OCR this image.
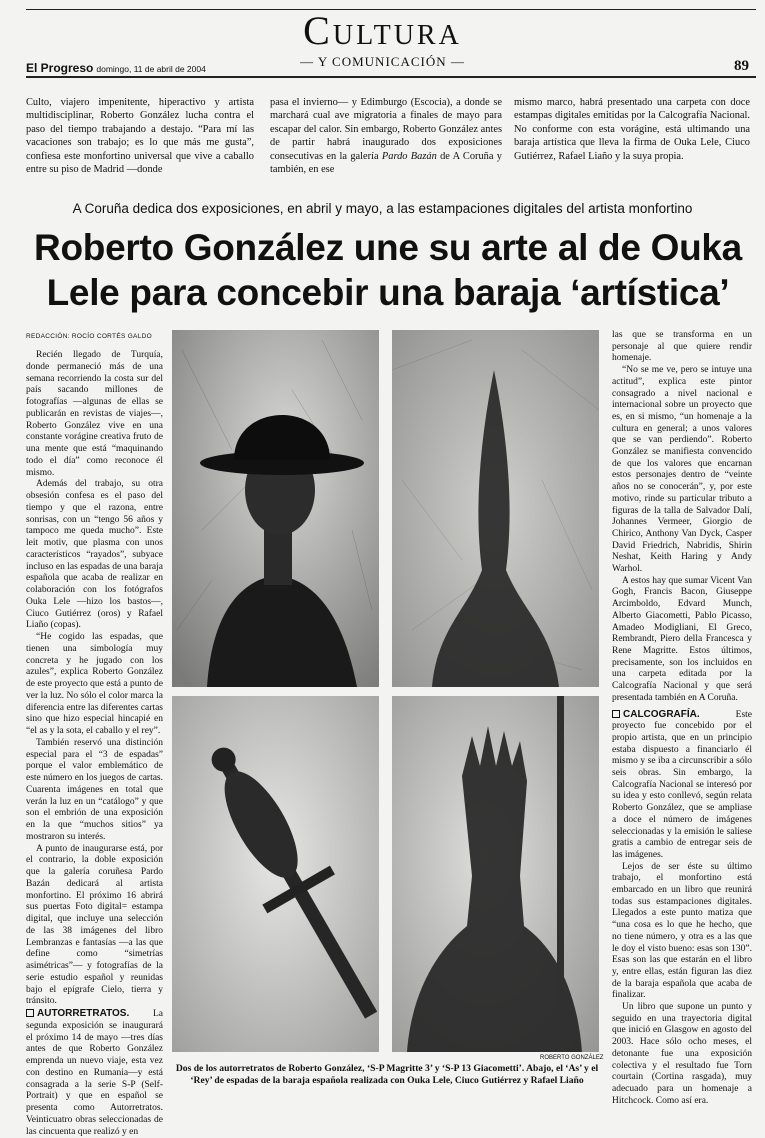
Cultura
— Y COMUNICACIÓN —
El Progreso domingo, 11 de abril de 2004	89

Culto, viajero impenitente, hiperactivo y artista multidisciplinar, Roberto González lucha contra el paso del tiempo trabajando a destajo. “Para mí las vacaciones son trabajo; es lo que más me gusta”, confiesa este monfortino universal que vive a caballo entre su piso de Madrid —donde

pasa el invierno— y Edimburgo (Escocia), a donde se marchará cual ave migratoria a finales de mayo para escapar del calor. Sin embargo, Roberto González antes de partir habrá inaugurado dos exposiciones consecutivas en la galería Pardo Bazán de A Coruña y también, en ese

mismo marco, habrá presentado una carpeta con doce estampas digitales emitidas por la Calcografía Nacional. No conforme con esta vorágine, está ultimando una baraja artística que lleva la firma de Ouka Lele, Ciuco Gutiérrez, Rafael Liaño y la suya propia.

A Coruña dedica dos exposiciones, en abril y mayo, a las estampaciones digitales del artista monfortino
Roberto González une su arte al de Ouka
Lele para concebir una baraja ‘artística’
REDACCIÓN: ROCÍO CORTÉS GALDO

Recién llegado de Turquía, donde permaneció más de una semana recorriendo la costa sur del país sacando millones de fotografías —algunas de ellas se publicarán en revistas de viajes—, Roberto González vive en una constante vorágine creativa fruto de una mente que está “maquinando todo el día” como reconoce él mismo.

Además del trabajo, su otra obsesión confesa es el paso del tiempo y que el razona, entre sonrisas, con un “tengo 56 años y tampoco me queda mucho”. Este leit motiv, que plasma con unos característicos “rayados”, subyace incluso en las espadas de una baraja española que acaba de realizar en colaboración con los fotógrafos Ouka Lele —hizo los bastos—, Ciuco Gutiérrez (oros) y Rafael Liaño (copas).

“He cogido las espadas, que tienen una simbología muy concreta y he jugado con los azules”, explica Roberto González de este proyecto que está a punto de ver la luz. No sólo el color marca la diferencia entre las diferentes cartas sino que hizo especial hincapié en “el as y la sota, el caballo y el rey”.

También reservó una distinción especial para el “3 de espadas” porque el valor emblemático de este número en los juegos de cartas. Cuarenta imágenes en total que verán la luz en un “catálogo” y que son el embrión de una exposición en la que “muchos sitios” ya mostraron su interés.

A punto de inaugurarse está, por el contrario, la doble exposición que la galería coruñesa Pardo Bazán dedicará al artista monfortino. El próximo 16 abrirá sus puertas Foto digital= estampa digital, que incluye una selección de las 38 imágenes del libro Lembranzas e fantasías —a las que define como “simetrías asimétricas”— y fotografías de la serie estudio español y reunidas bajo el epígrafe Cielo, tierra y tránsito.

AUTORRETRATOS. La segunda exposición se inaugurará el próximo 14 de mayo —tres días antes de que Roberto González emprenda un nuevo viaje, esta vez con destino en Rumania—y está consagrada a la serie S-P (Self-Portrait) y que en español se presenta como Autorretratos. Veinticuatro obras seleccionadas de las cincuenta que realizó y en

las que se transforma en un personaje al que quiere rendir homenaje.

“No se me ve, pero se intuye una actitud”, explica este pintor consagrado a nivel nacional e internacional sobre un proyecto que es, en si mismo, “un homenaje a la cultura en general; a unos valores que se van perdiendo”. Roberto González se manifiesta convencido de que los valores que encarnan estos personajes dentro de “veinte años no se conocerán”, y, por este motivo, rinde su particular tributo a figuras de la talla de Salvador Dalí, Johannes Vermeer, Giorgio de Chirico, Anthony Van Dyck, Casper David Friedrich, Nabridis, Shirin Neshat, Keith Haring y Andy Warhol.

A estos hay que sumar Vicent Van Gogh, Francis Bacon, Giuseppe Arcimboldo, Edvard Munch, Alberto Giacometti, Pablo Picasso, Amadeo Modigliani, El Greco, Rembrandt, Piero della Francesca y Rene Magritte. Estos últimos, precisamente, son los incluidos en una carpeta editada por la Calcografía Nacional y que será presentada también en A Coruña.

CALCOGRAFÍA. Este proyecto fue concebido por el propio artista, que en un principio estaba dispuesto a financiarlo él mismo y se iba a circunscribir a sólo seis obras. Sin embargo, la Calcografía Nacional se interesó por su idea y esto conllevó, según relata Roberto González, que se ampliase a doce el número de imágenes seleccionadas y la emisión le saliese gratis a cambio de entregar seis de las imágenes.

Lejos de ser éste su último trabajo, el monfortino está embarcado en un libro que reunirá todas sus estampaciones digitales. Llegados a este punto matiza que “una cosa es lo que he hecho, que no tiene número, y otra es a las que le doy el visto bueno: esas son 130”. Esas son las que estarán en el libro y, entre ellas, están figuran las diez de la baraja española que acaba de finalizar.

Un libro que supone un punto y seguido en una trayectoria digital que inició en Glasgow en agosto del 2003. Hace sólo ocho meses, el detonante fue una exposición colectiva y el resultado fue Torn courtain (Cortina rasgada), muy adecuado para un homenaje a Hitchcock. Como así era.

ROBERTO GONZÁLEZ
Dos de los autorretratos de Roberto González, ‘S-P Magritte 3’ y ‘S-P 13 Giacometti’. Abajo, el ‘As’ y el ‘Rey’ de espadas de la baraja española realizada con Ouka Lele, Ciuco Gutiérrez y Rafael Liaño
